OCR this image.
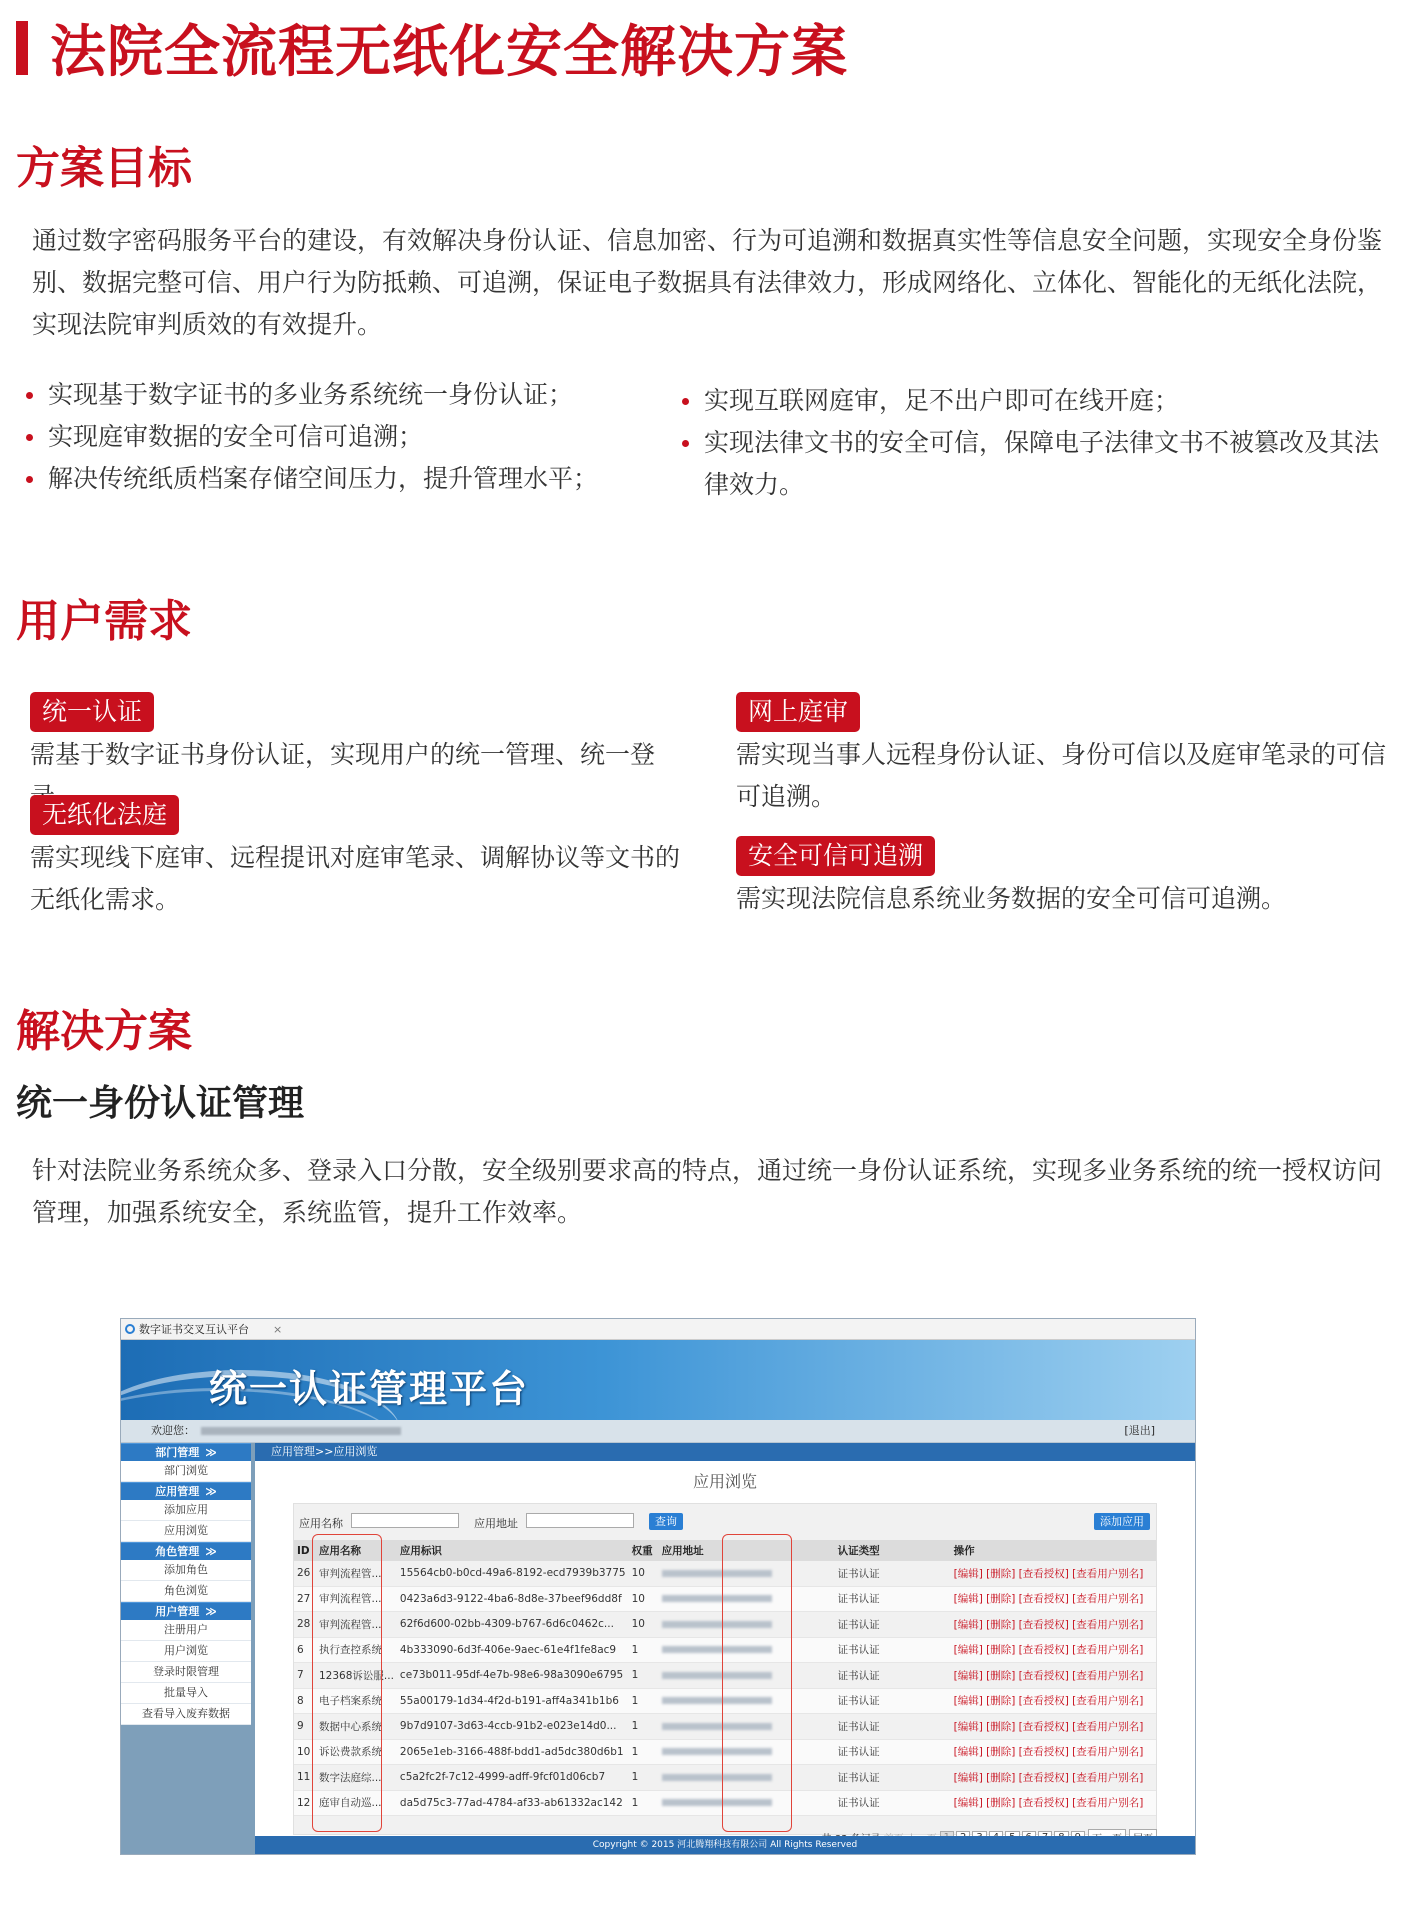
法院全流程无纸化安全解决方案
方案目标
通过数字密码服务平台的建设，有效解决身份认证、信息加密、行为可追溯和数据真实性等信息安全问题，实现安全身份鉴别、数据完整可信、用户行为防抵赖、可追溯，保证电子数据具有法律效力，形成网络化、立体化、智能化的无纸化法院，实现法院审判质效的有效提升。
实现基于数字证书的多业务系统统一身份认证；
实现庭审数据的安全可信可追溯；
解决传统纸质档案存储空间压力，提升管理水平；
实现互联网庭审，足不出户即可在线开庭；
实现法律文书的安全可信，保障电子法律文书不被篡改及其法律效力。
用户需求
统一认证
需基于数字证书身份认证，实现用户的统一管理、统一登
无纸化法庭
需实现线下庭审、远程提讯对庭审笔录、调解协议等文书的无纸化需求。
网上庭审
需实现当事人远程身份认证、身份可信以及庭审笔录的可信可追溯。
安全可信可追溯
需实现法院信息系统业务数据的安全可信可追溯。
解决方案
统一身份认证管理
针对法院业务系统众多、登录入口分散，安全级别要求高的特点，通过统一身份认证系统，实现多业务系统的统一授权访问管理，加强系统安全，系统监管，提升工作效率。
数字证书交叉互认平台 ×
统一认证管理平台
欢迎您：	[退出]
部门管理 ≫
部门浏览
应用管理 ≫
添加应用
应用浏览
角色管理 ≫
添加角色
角色浏览
用户管理 ≫
注册用户
用户浏览
登录时限管理
批量导入
查看导入废弃数据
应用管理>>应用浏览
应用浏览
应用名称	应用地址	查询	添加应用
ID	应用名称	应用标识	权重	应用地址	认证类型	操作
26	审判流程管...	15564cb0-b0cd-49a6-8192-ecd7939b3775	10		证书认证	[编辑] [删除] [查看授权] [查看用户别名]
27	审判流程管...	0423a6d3-9122-4ba6-8d8e-37beef96dd8f	10		证书认证	[编辑] [删除] [查看授权] [查看用户别名]
28	审判流程管...	62f6d600-02bb-4309-b767-6d6c0462c...	10		证书认证	[编辑] [删除] [查看授权] [查看用户别名]
6	执行查控系统	4b333090-6d3f-406e-9aec-61e4f1fe8ac9	1		证书认证	[编辑] [删除] [查看授权] [查看用户别名]
7	12368诉讼服...	ce73b011-95df-4e7b-98e6-98a3090e6795	1		证书认证	[编辑] [删除] [查看授权] [查看用户别名]
8	电子档案系统	55a00179-1d34-4f2d-b191-aff4a341b1b6	1		证书认证	[编辑] [删除] [查看授权] [查看用户别名]
9	数据中心系统	9b7d9107-3d63-4ccb-91b2-e023e14d0...	1		证书认证	[编辑] [删除] [查看授权] [查看用户别名]
10	诉讼费款系统	2065e1eb-3166-488f-bdd1-ad5dc380d6b1	1		证书认证	[编辑] [删除] [查看授权] [查看用户别名]
11	数字法庭综...	c5a2fc2f-7c12-4999-adff-9fcf01d06cb7	1		证书认证	[编辑] [删除] [查看授权] [查看用户别名]
12	庭审自动巡...	da5d75c3-77ad-4784-af33-ab61332ac142	1		证书认证	[编辑] [删除] [查看授权] [查看用户别名]
Copyright © 2015 河北腾翔科技有限公司 All Rights Reserved
